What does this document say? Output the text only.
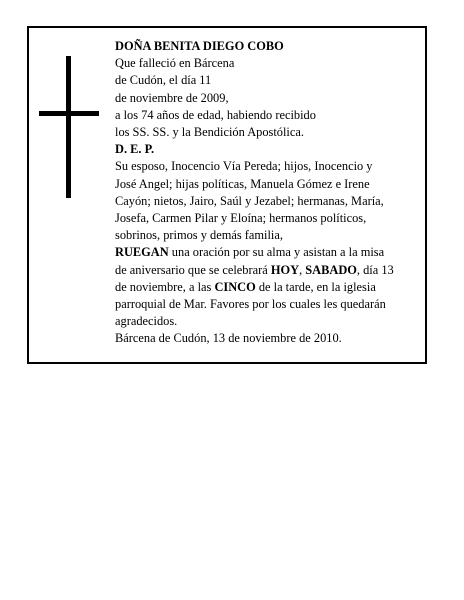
DOÑA BENITA DIEGO COBO
Que falleció en Bárcena
de Cudón, el día 11
de noviembre de 2009,
a los 74 años de edad, habiendo recibido
los SS. SS. y la Bendición Apostólica.
D. E. P.
Su esposo, Inocencio Vía Pereda; hijos, Inocencio y
José Angel; hijas políticas, Manuela Gómez e Irene
Cayón; nietos, Jairo, Saúl y Jezabel; hermanas, María,
Josefa, Carmen Pilar y Eloína; hermanos políticos,
sobrinos, primos y demás familia,
RUEGAN una oración por su alma y asistan a la misa
de aniversario que se celebrará HOY, SABADO, día 13
de noviembre, a las CINCO de la tarde, en la iglesia
parroquial de Mar. Favores por los cuales les quedarán
agradecidos.
Bárcena de Cudón, 13 de noviembre de 2010.
